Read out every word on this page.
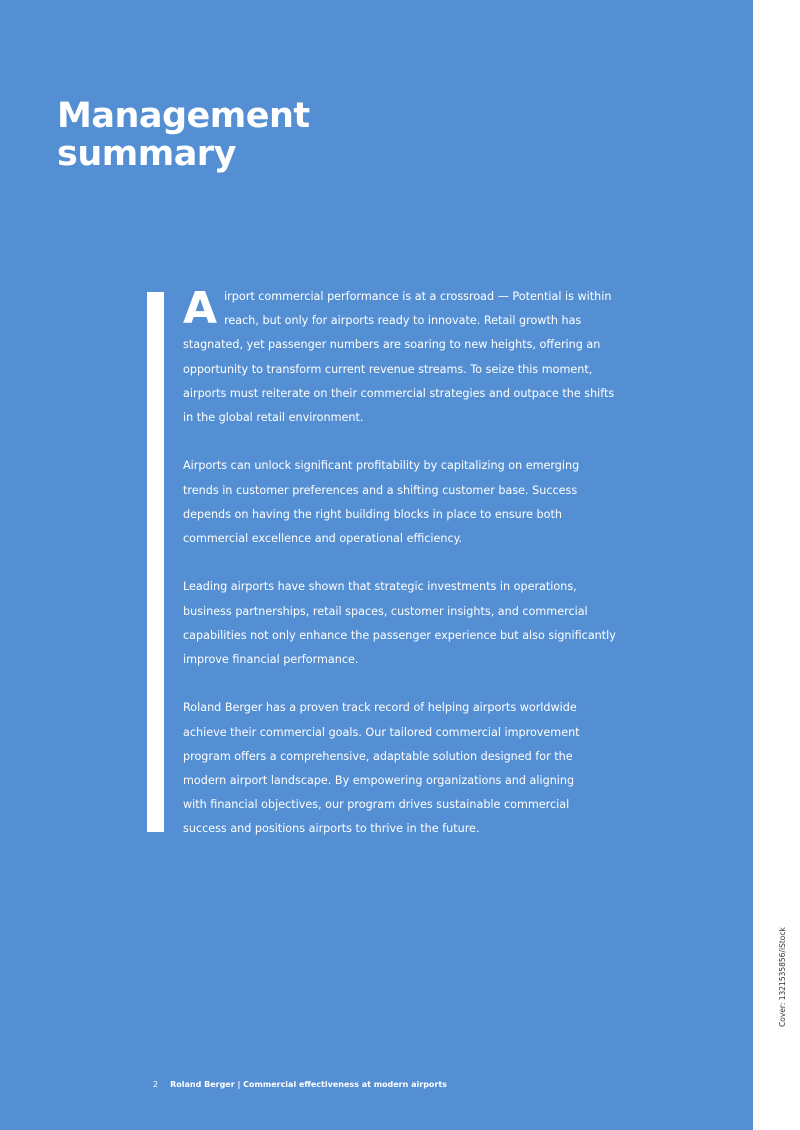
Management
summary

A irport commercial performance is at a crossroad — Potential is within
reach, but only for airports ready to innovate. Retail growth has
stagnated, yet passenger numbers are soaring to new heights, offering an
opportunity to transform current revenue streams. To seize this moment,
airports must reiterate on their commercial strategies and outpace the shifts
in the global retail environment.

Airports can unlock significant profitability by capitalizing on emerging
trends in customer preferences and a shifting customer base. Success
depends on having the right building blocks in place to ensure both
commercial excellence and operational efficiency.

Leading airports have shown that strategic investments in operations,
business partnerships, retail spaces, customer insights, and commercial
capabilities not only enhance the passenger experience but also significantly
improve financial performance.

Roland Berger has a proven track record of helping airports worldwide
achieve their commercial goals. Our tailored commercial improvement
program offers a comprehensive, adaptable solution designed for the
modern airport landscape. By empowering organizations and aligning
with financial objectives, our program drives sustainable commercial
success and positions airports to thrive in the future.

2 Roland Berger | Commercial effectiveness at modern airports
Cover: 1321535856/iStock
